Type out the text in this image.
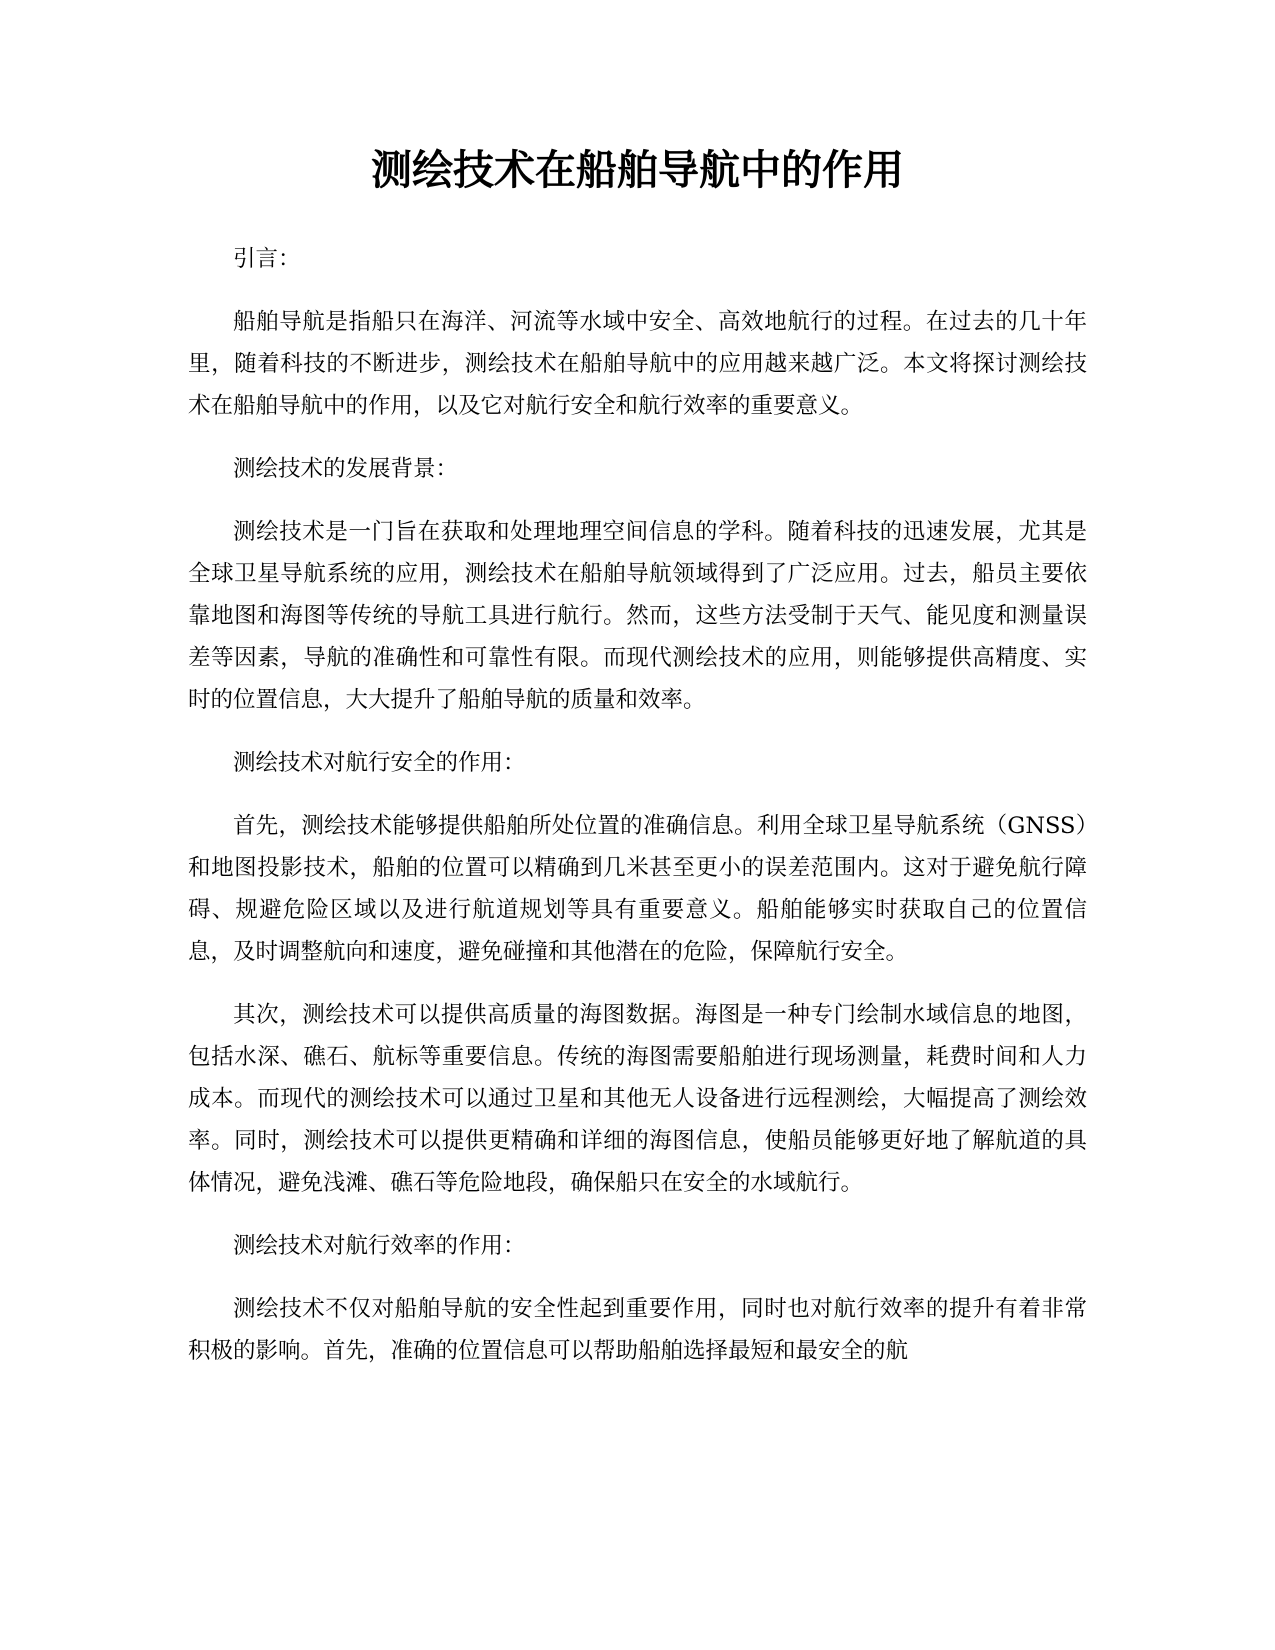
测绘技术在船舶导航中的作用

引言：

船舶导航是指船只在海洋、河流等水域中安全、高效地航行的过程。在过去的几十年里，随着科技的不断进步，测绘技术在船舶导航中的应用越来越广泛。本文将探讨测绘技术在船舶导航中的作用，以及它对航行安全和航行效率的重要意义。

测绘技术的发展背景：

测绘技术是一门旨在获取和处理地理空间信息的学科。随着科技的迅速发展，尤其是全球卫星导航系统的应用，测绘技术在船舶导航领域得到了广泛应用。过去，船员主要依靠地图和海图等传统的导航工具进行航行。然而，这些方法受制于天气、能见度和测量误差等因素，导航的准确性和可靠性有限。而现代测绘技术的应用，则能够提供高精度、实时的位置信息，大大提升了船舶导航的质量和效率。

测绘技术对航行安全的作用：

首先，测绘技术能够提供船舶所处位置的准确信息。利用全球卫星导航系统（GNSS）和地图投影技术，船舶的位置可以精确到几米甚至更小的误差范围内。这对于避免航行障碍、规避危险区域以及进行航道规划等具有重要意义。船舶能够实时获取自己的位置信息，及时调整航向和速度，避免碰撞和其他潜在的危险，保障航行安全。

其次，测绘技术可以提供高质量的海图数据。海图是一种专门绘制水域信息的地图，包括水深、礁石、航标等重要信息。传统的海图需要船舶进行现场测量，耗费时间和人力成本。而现代的测绘技术可以通过卫星和其他无人设备进行远程测绘，大幅提高了测绘效率。同时，测绘技术可以提供更精确和详细的海图信息，使船员能够更好地了解航道的具体情况，避免浅滩、礁石等危险地段，确保船只在安全的水域航行。

测绘技术对航行效率的作用：

测绘技术不仅对船舶导航的安全性起到重要作用，同时也对航行效率的提升有着非常积极的影响。首先，准确的位置信息可以帮助船舶选择最短和最安全的航
